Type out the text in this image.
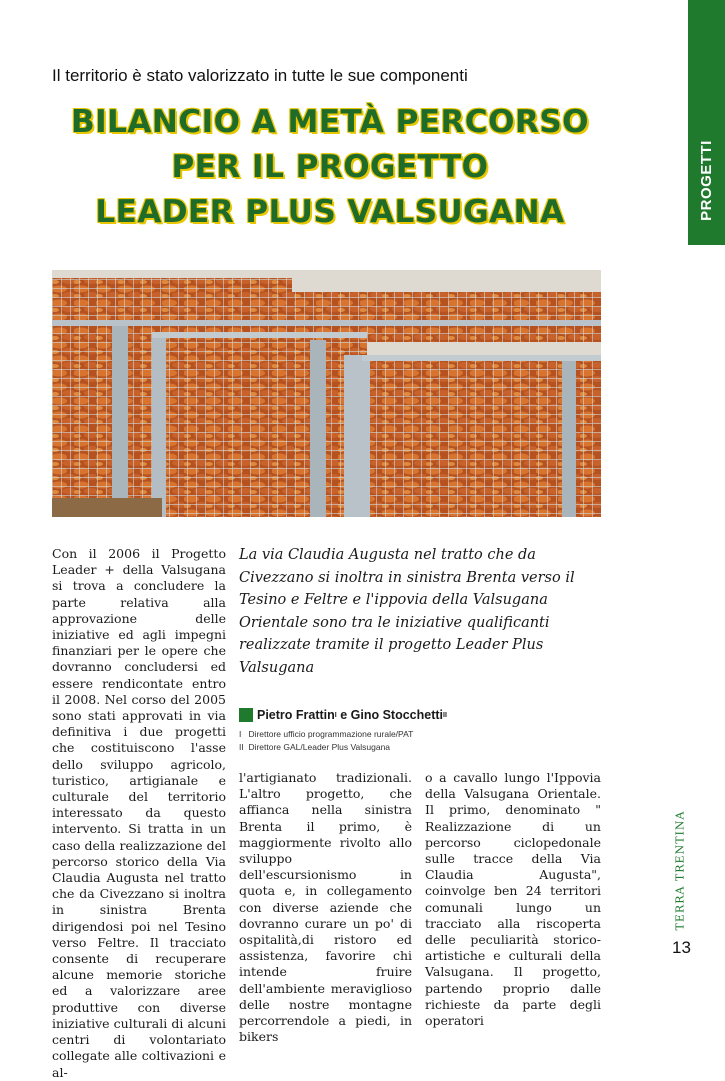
PROGETTI
Il territorio è stato valorizzato in tutte le sue componenti
BILANCIO A METÀ PERCORSO
PER IL PROGETTO
LEADER PLUS VALSUGANA
Con il 2006 il Progetto Leader + della Valsugana si trova a concludere la parte relativa alla approvazione delle iniziative ed agli impegni finanziari per le opere che dovranno concludersi ed essere rendicontate entro il 2008. Nel corso del 2005 sono stati approvati in via definitiva i due progetti che costituiscono l'asse dello sviluppo agricolo, turistico, artigianale e culturale del territorio interessato da questo intervento. Si tratta in un caso della realizzazione del percorso storico della Via Claudia Augusta nel tratto che da Civezzano si inoltra in sinistra Brenta dirigendosi poi nel Tesino verso Feltre. Il tracciato consente di recuperare alcune memorie storiche ed a valorizzare aree produttive con diverse iniziative culturali di alcuni centri di volontariato collegate alle coltivazioni e al-
La via Claudia Augusta nel tratto che da Civezzano si inoltra in sinistra Brenta verso il Tesino e Feltre e l'ippovia della Valsugana Orientale sono tra le iniziative qualificanti realizzate tramite il progetto Leader Plus Valsugana
Pietro Frattin I e Gino Stocchetti II
I   Direttore ufficio programmazione rurale/PAT
II  Direttore GAL/Leader Plus Valsugana
l'artigianato tradizionali. L'altro progetto, che affianca nella sinistra Brenta il primo, è maggiormente rivolto allo sviluppo dell'escursionismo in quota e, in collegamento con diverse aziende che dovranno curare un po' di ospitalità,di ristoro ed assistenza, favorire chi intende fruire dell'ambiente meraviglioso delle nostre montagne percorrendole a piedi, in bikers
o a cavallo lungo l'Ippovia della Valsugana Orientale. Il primo, denominato " Realizzazione di un percorso ciclopedonale sulle tracce della Via Claudia Augusta", coinvolge ben 24 territori comunali lungo un tracciato alla riscoperta delle peculiarità storico-artistiche e culturali della Valsugana. Il progetto, partendo proprio dalle richieste da parte degli operatori
TERRA TRENTINA
13
